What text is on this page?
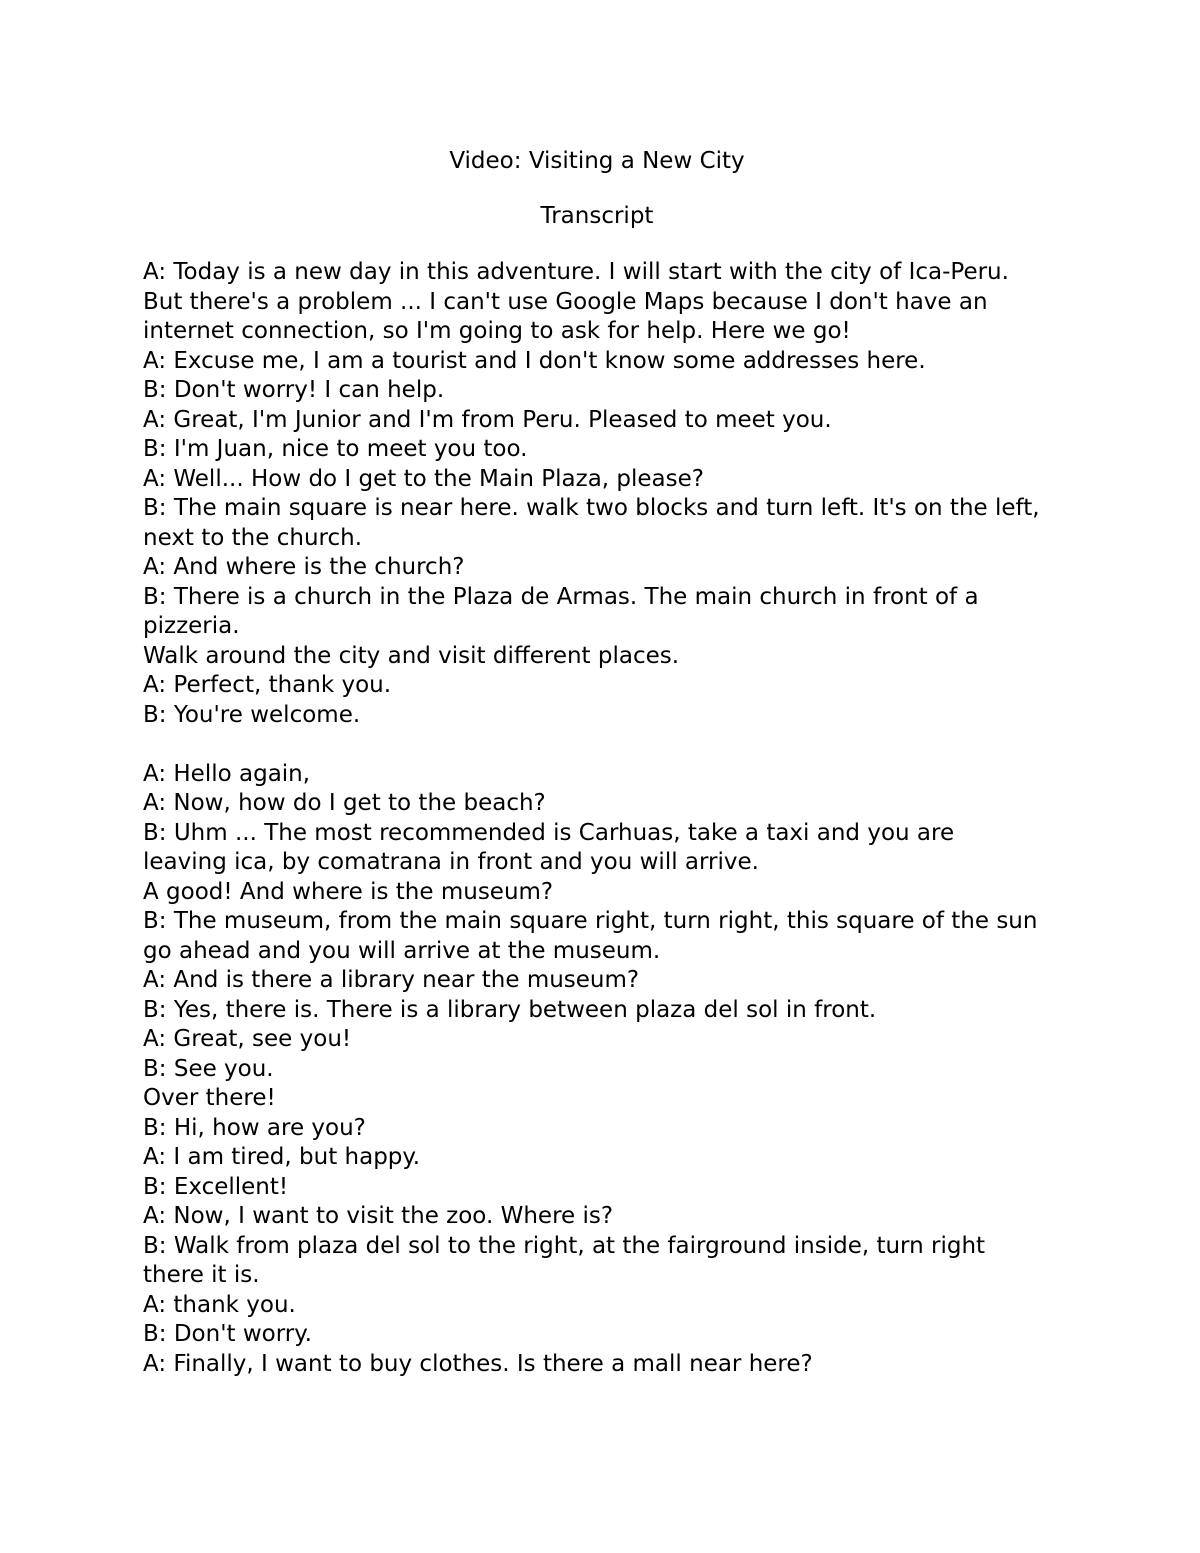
Video: Visiting a New City
Transcript

A: Today is a new day in this adventure. I will start with the city of Ica-Peru. But there's a problem ... I can't use Google Maps because I don't have an internet connection, so I'm going to ask for help. Here we go!

A: Excuse me, I am a tourist and I don't know some addresses here.

B: Don't worry! I can help.

A: Great, I'm Junior and I'm from Peru. Pleased to meet you.

B: I'm Juan, nice to meet you too.

A: Well... How do I get to the Main Plaza, please?

B: The main square is near here. walk two blocks and turn left. It's on the left, next to the church.

A: And where is the church?

B: There is a church in the Plaza de Armas. The main church in front of a pizzeria.

Walk around the city and visit different places.

A: Perfect, thank you.

B: You're welcome.

A: Hello again,

A: Now, how do I get to the beach?

B: Uhm ... The most recommended is Carhuas, take a taxi and you are leaving ica, by comatrana in front and you will arrive.

A good! And where is the museum?

B: The museum, from the main square right, turn right, this square of the sun go ahead and you will arrive at the museum.

A: And is there a library near the museum?

B: Yes, there is. There is a library between plaza del sol in front.

A: Great, see you!

B: See you.

Over there!

B: Hi, how are you?

A: I am tired, but happy.

B: Excellent!

A: Now, I want to visit the zoo. Where is?

B: Walk from plaza del sol to the right, at the fairground inside, turn right there it is.

A: thank you.

B: Don't worry.

A: Finally, I want to buy clothes. Is there a mall near here?
